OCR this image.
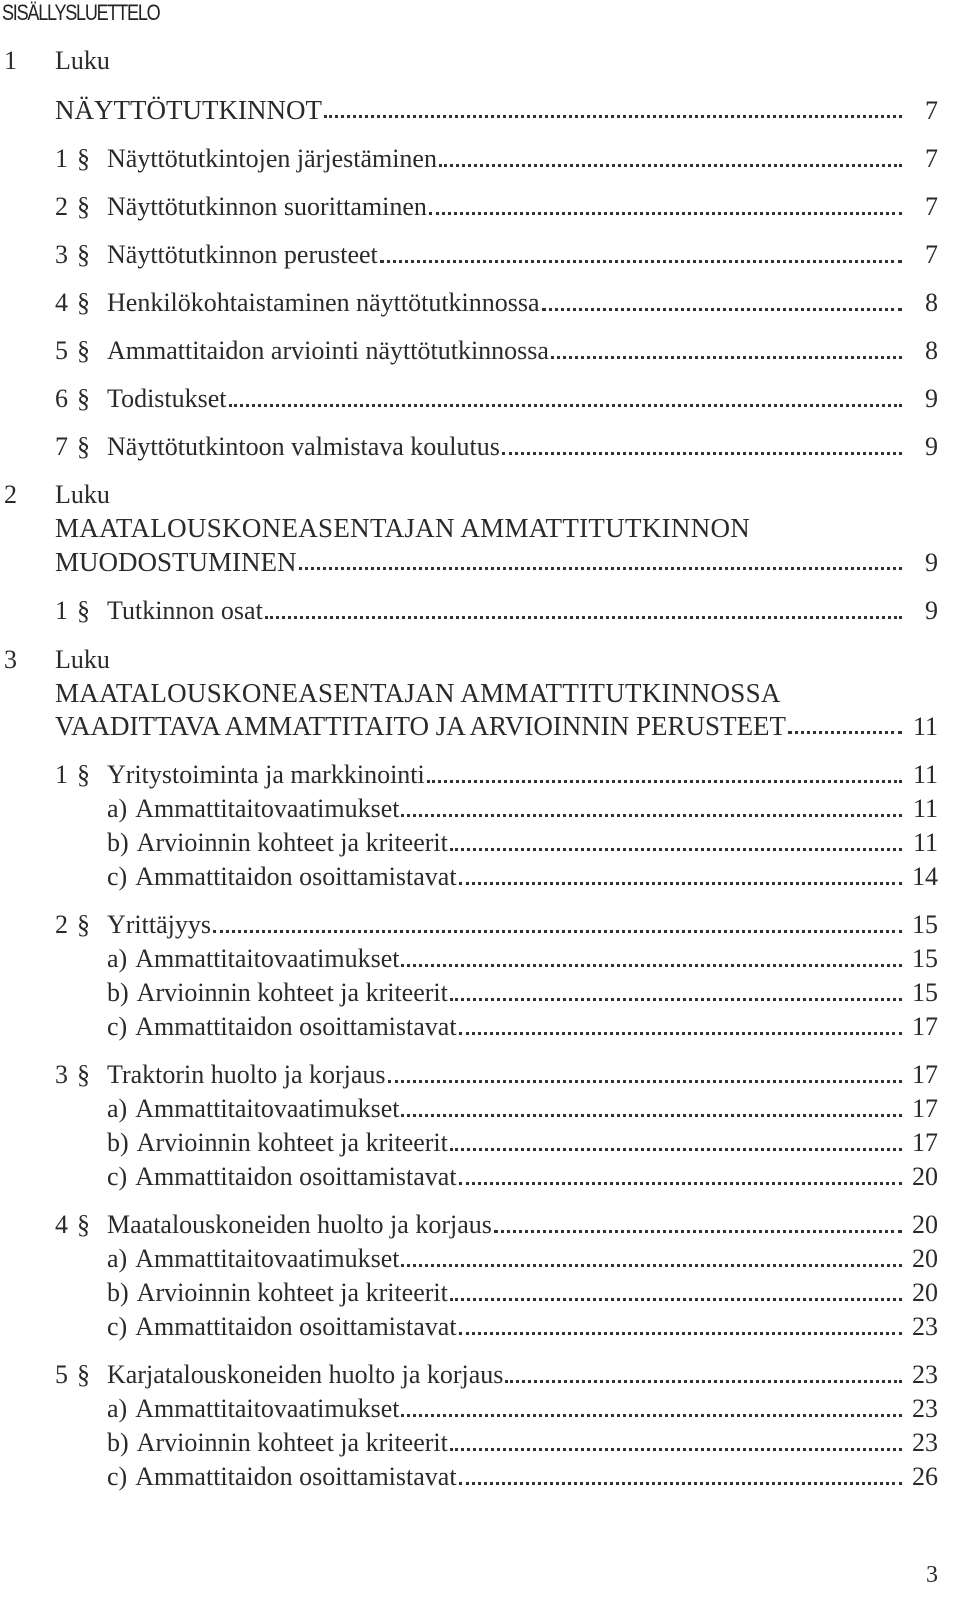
SISÄLLYSLUETTELO
1 Luku
NÄYTTÖTUTKINNOT	7
1 § Näyttötutkintojen järjestäminen	7
2 § Näyttötutkinnon suorittaminen	7
3 § Näyttötutkinnon perusteet	7
4 § Henkilökohtaistaminen näyttötutkinnossa	8
5 § Ammattitaidon arviointi näyttötutkinnossa	8
6 § Todistukset	9
7 § Näyttötutkintoon valmistava koulutus	9
2 Luku
MAATALOUSKONEASENTAJAN AMMATTITUTKINNON
MUODOSTUMINEN	9
1 § Tutkinnon osat	9
3 Luku
MAATALOUSKONEASENTAJAN AMMATTITUTKINNOSSA
VAADITTAVA AMMATTITAITO JA ARVIOINNIN PERUSTEET	11
1 § Yritystoiminta ja markkinointi	11
a) Ammattitaitovaatimukset	11
b) Arvioinnin kohteet ja kriteerit	11
c) Ammattitaidon osoittamistavat	14
2 § Yrittäjyys	15
a) Ammattitaitovaatimukset	15
b) Arvioinnin kohteet ja kriteerit	15
c) Ammattitaidon osoittamistavat	17
3 § Traktorin huolto ja korjaus	17
a) Ammattitaitovaatimukset	17
b) Arvioinnin kohteet ja kriteerit	17
c) Ammattitaidon osoittamistavat	20
4 § Maatalouskoneiden huolto ja korjaus	20
a) Ammattitaitovaatimukset	20
b) Arvioinnin kohteet ja kriteerit	20
c) Ammattitaidon osoittamistavat	23
5 § Karjatalouskoneiden huolto ja korjaus	23
a) Ammattitaitovaatimukset	23
b) Arvioinnin kohteet ja kriteerit	23
c) Ammattitaidon osoittamistavat	26
3
